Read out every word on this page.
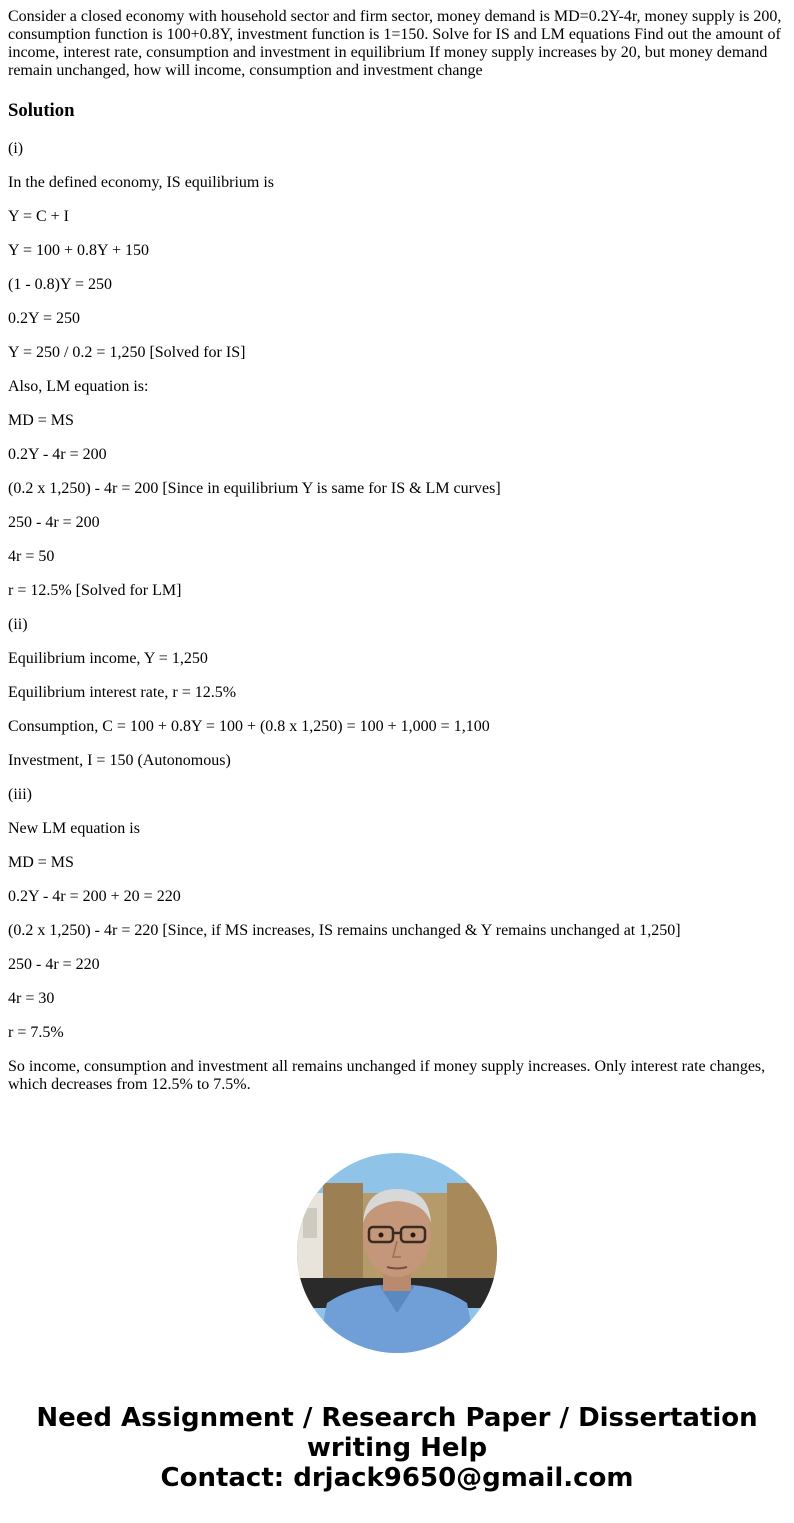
Consider a closed economy with household sector and firm sector, money demand is MD=0.2Y-4r, money supply is 200, consumption function is 100+0.8Y, investment function is 1=150. Solve for IS and LM equations Find out the amount of income, interest rate, consumption and investment in equilibrium If money supply increases by 20, but money demand remain unchanged, how will income, consumption and investment change
Solution
(i)
In the defined economy, IS equilibrium is
Y = C + I
Y = 100 + 0.8Y + 150
(1 - 0.8)Y = 250
0.2Y = 250
Y = 250 / 0.2 = 1,250 [Solved for IS]
Also, LM equation is:
MD = MS
0.2Y - 4r = 200
(0.2 x 1,250) - 4r = 200 [Since in equilibrium Y is same for IS & LM curves]
250 - 4r = 200
4r = 50
r = 12.5% [Solved for LM]
(ii)
Equilibrium income, Y = 1,250
Equilibrium interest rate, r = 12.5%
Consumption, C = 100 + 0.8Y = 100 + (0.8 x 1,250) = 100 + 1,000 = 1,100
Investment, I = 150 (Autonomous)
(iii)
New LM equation is
MD = MS
0.2Y - 4r = 200 + 20 = 220
(0.2 x 1,250) - 4r = 220 [Since, if MS increases, IS remains unchanged & Y remains unchanged at 1,250]
250 - 4r = 220
4r = 30
r = 7.5%
So income, consumption and investment all remains unchanged if money supply increases. Only interest rate changes, which decreases from 12.5% to 7.5%.
Need Assignment / Research Paper / Dissertation
writing Help
Contact: drjack9650@gmail.com
